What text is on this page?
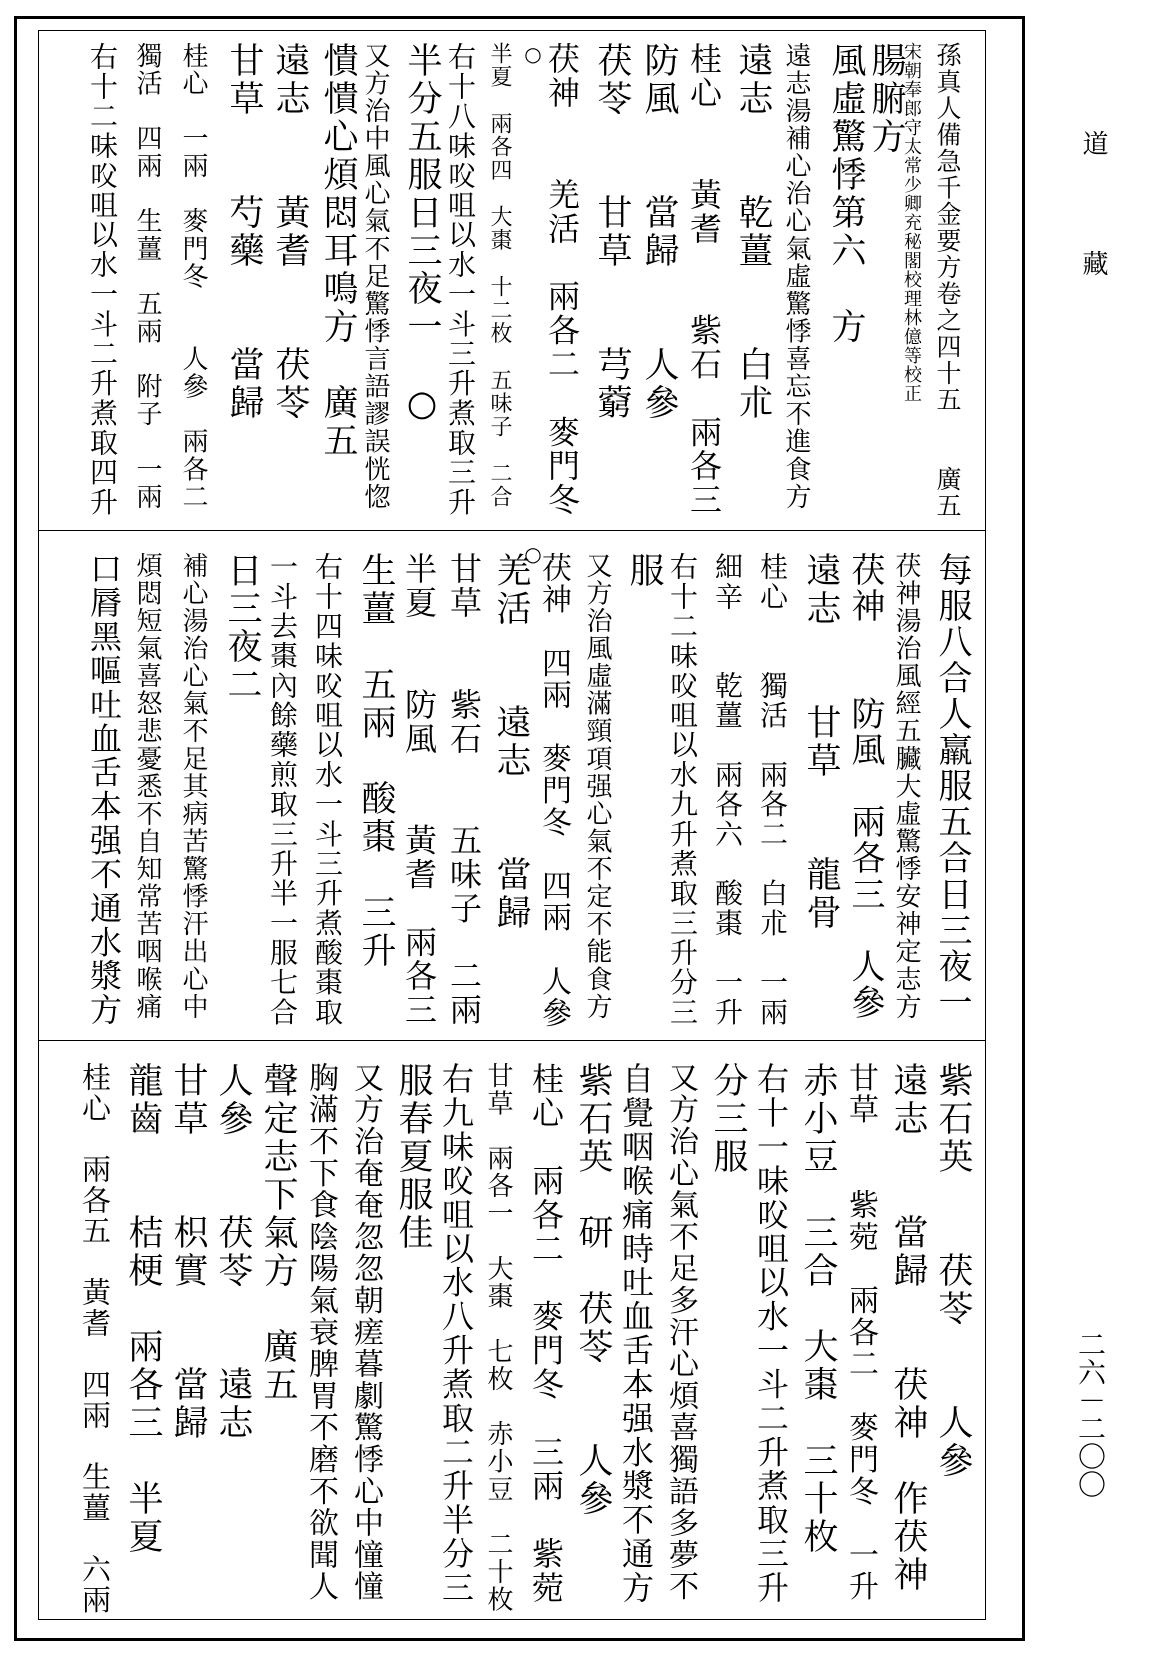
道
藏
二六－二〇〇
孫真人備急千金要方卷之四十五　　廣五
宋朝奉郎守太常少卿充秘閣校理林億等校正
腸腑方
風虛驚悸第六　方
遠志湯補心治心氣虛驚悸喜忘不進食方
遠志　　乾薑　　白朮
桂心　　黃耆　　紫石　兩各三
防風　　當歸　　人參
茯苓　　甘草　　芎藭
茯神　　羌活　兩各二　麥門冬
○
半夏　兩各四　大棗　十二枚　五味子　二合
右十八味㕮咀以水一斗三升煮取三升
半分五服日三夜一　○
又方治中風心氣不足驚悸言語謬誤恍惚
憒憒心煩悶耳鳴方　廣五
遠志　　黃耆　　茯苓
甘草　　芍藥　　當歸
桂心　一兩　麥門冬　　人參　兩各二
獨活　四兩　生薑　五兩　附子　一兩
右十二味㕮咀以水一斗二升煮取四升
每服八合人羸服五合日三夜一
茯神湯治風經五臟大虛驚悸安神定志方
茯神　　防風　兩各三　人參
遠志　　甘草　　龍骨
桂心　　獨活　兩各二　白朮　一兩
細辛　　乾薑　兩各六　酸棗　一升
右十二味㕮咀以水九升煮取三升分三
服
又方治風虛滿頸項强心氣不定不能食方
茯神　四兩　麥門冬　四兩　人參
羌活　　遠志　　當歸
○
甘草　　紫石　　五味子　二兩
半夏　　防風　　黃耆　兩各三
生薑　五兩　酸棗　三升
右十四味㕮咀以水一斗三升煮酸棗取
一斗去棗內餘藥煎取三升半一服七合
日三夜二
補心湯治心氣不足其病苦驚悸汗出心中
煩悶短氣喜怒悲憂悉不自知常苦咽喉痛
口脣黑嘔吐血舌本强不通水漿方
紫石英　　茯苓　　人參
遠志　　當歸　　茯神　作茯神
甘草　　紫菀　兩各二　麥門冬　一升
赤小豆　三合　大棗　三十枚
右十一味㕮咀以水一斗二升煮取三升
分三服
又方治心氣不足多汗心煩喜獨語多夢不
自覺咽喉痛時吐血舌本强水漿不通方
紫石英　研　茯苓　　人參
桂心　兩各二　麥門冬　三兩　紫菀
甘草　兩各一　大棗　七枚　赤小豆　二十枚
右九味㕮咀以水八升煮取二升半分三
服春夏服佳
又方治奄奄忽忽朝瘥暮劇驚悸心中憧憧
胸滿不下食陰陽氣衰脾胃不磨不欲聞人
聲定志下氣方　廣五
人參　　茯苓　　遠志
甘草　　枳實　　當歸
龍齒　　桔梗　兩各三　半夏
桂心　兩各五　黃耆　四兩　生薑　六兩
